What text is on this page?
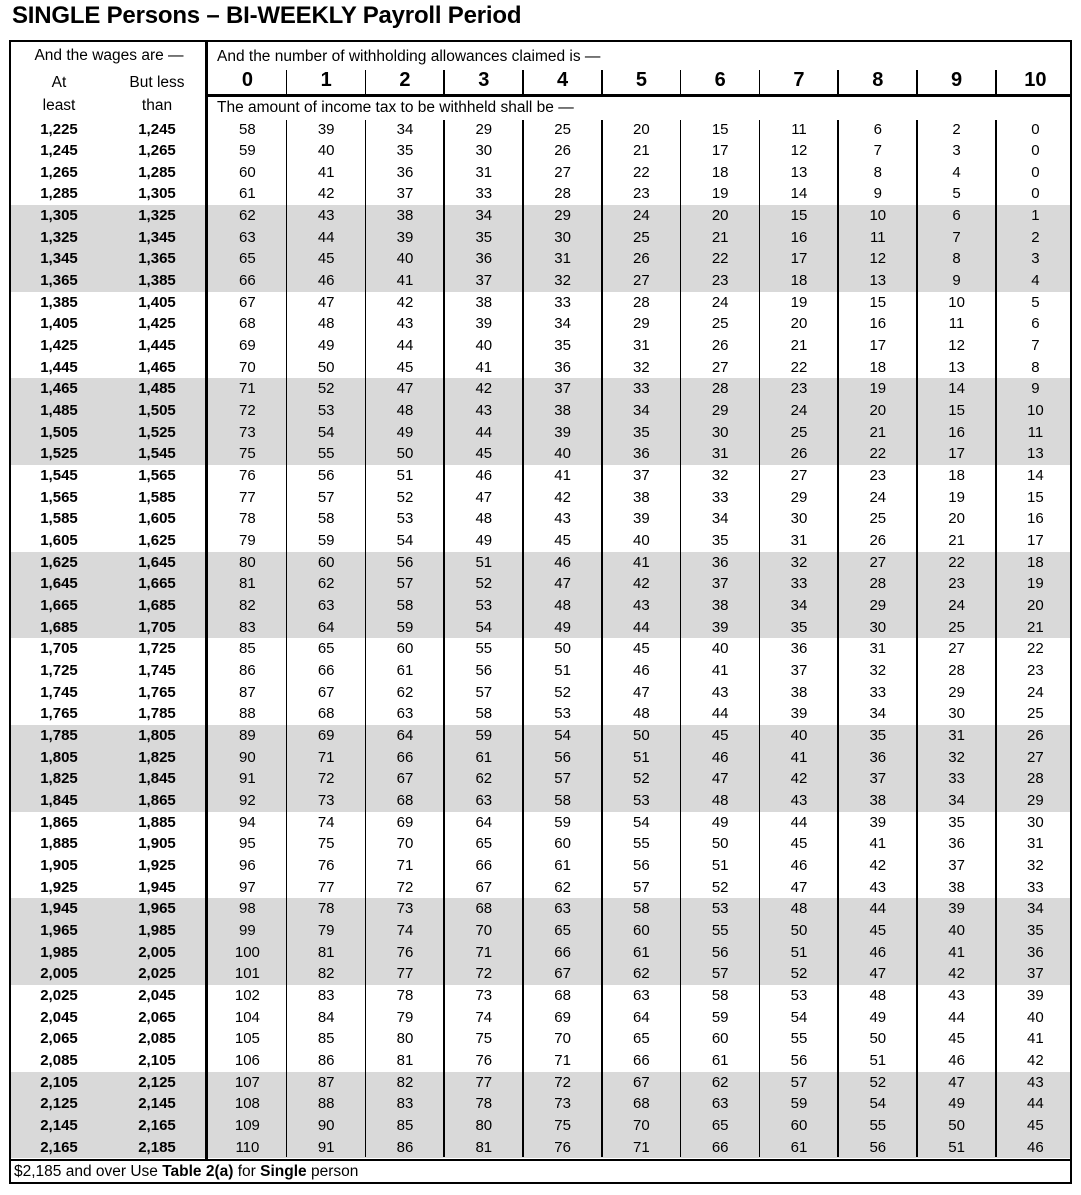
SINGLE Persons – BI-WEEKLY Payroll Period
And the wages are —
At
least
But less
than
And the number of withholding allowances claimed is —
The amount of income tax to be withheld shall be —
0	1	2	3	4	5	6	7	8	9	10
1,225	1,245	58	39	34	29	25	20	15	11	6	2	0
1,245	1,265	59	40	35	30	26	21	17	12	7	3	0
1,265	1,285	60	41	36	31	27	22	18	13	8	4	0
1,285	1,305	61	42	37	33	28	23	19	14	9	5	0
1,305	1,325	62	43	38	34	29	24	20	15	10	6	1
1,325	1,345	63	44	39	35	30	25	21	16	11	7	2
1,345	1,365	65	45	40	36	31	26	22	17	12	8	3
1,365	1,385	66	46	41	37	32	27	23	18	13	9	4
1,385	1,405	67	47	42	38	33	28	24	19	15	10	5
1,405	1,425	68	48	43	39	34	29	25	20	16	11	6
1,425	1,445	69	49	44	40	35	31	26	21	17	12	7
1,445	1,465	70	50	45	41	36	32	27	22	18	13	8
1,465	1,485	71	52	47	42	37	33	28	23	19	14	9
1,485	1,505	72	53	48	43	38	34	29	24	20	15	10
1,505	1,525	73	54	49	44	39	35	30	25	21	16	11
1,525	1,545	75	55	50	45	40	36	31	26	22	17	13
1,545	1,565	76	56	51	46	41	37	32	27	23	18	14
1,565	1,585	77	57	52	47	42	38	33	29	24	19	15
1,585	1,605	78	58	53	48	43	39	34	30	25	20	16
1,605	1,625	79	59	54	49	45	40	35	31	26	21	17
1,625	1,645	80	60	56	51	46	41	36	32	27	22	18
1,645	1,665	81	62	57	52	47	42	37	33	28	23	19
1,665	1,685	82	63	58	53	48	43	38	34	29	24	20
1,685	1,705	83	64	59	54	49	44	39	35	30	25	21
1,705	1,725	85	65	60	55	50	45	40	36	31	27	22
1,725	1,745	86	66	61	56	51	46	41	37	32	28	23
1,745	1,765	87	67	62	57	52	47	43	38	33	29	24
1,765	1,785	88	68	63	58	53	48	44	39	34	30	25
1,785	1,805	89	69	64	59	54	50	45	40	35	31	26
1,805	1,825	90	71	66	61	56	51	46	41	36	32	27
1,825	1,845	91	72	67	62	57	52	47	42	37	33	28
1,845	1,865	92	73	68	63	58	53	48	43	38	34	29
1,865	1,885	94	74	69	64	59	54	49	44	39	35	30
1,885	1,905	95	75	70	65	60	55	50	45	41	36	31
1,905	1,925	96	76	71	66	61	56	51	46	42	37	32
1,925	1,945	97	77	72	67	62	57	52	47	43	38	33
1,945	1,965	98	78	73	68	63	58	53	48	44	39	34
1,965	1,985	99	79	74	70	65	60	55	50	45	40	35
1,985	2,005	100	81	76	71	66	61	56	51	46	41	36
2,005	2,025	101	82	77	72	67	62	57	52	47	42	37
2,025	2,045	102	83	78	73	68	63	58	53	48	43	39
2,045	2,065	104	84	79	74	69	64	59	54	49	44	40
2,065	2,085	105	85	80	75	70	65	60	55	50	45	41
2,085	2,105	106	86	81	76	71	66	61	56	51	46	42
2,105	2,125	107	87	82	77	72	67	62	57	52	47	43
2,125	2,145	108	88	83	78	73	68	63	59	54	49	44
2,145	2,165	109	90	85	80	75	70	65	60	55	50	45
2,165	2,185	110	91	86	81	76	71	66	61	56	51	46
$2,185 and over Use Table 2(a) for Single person
